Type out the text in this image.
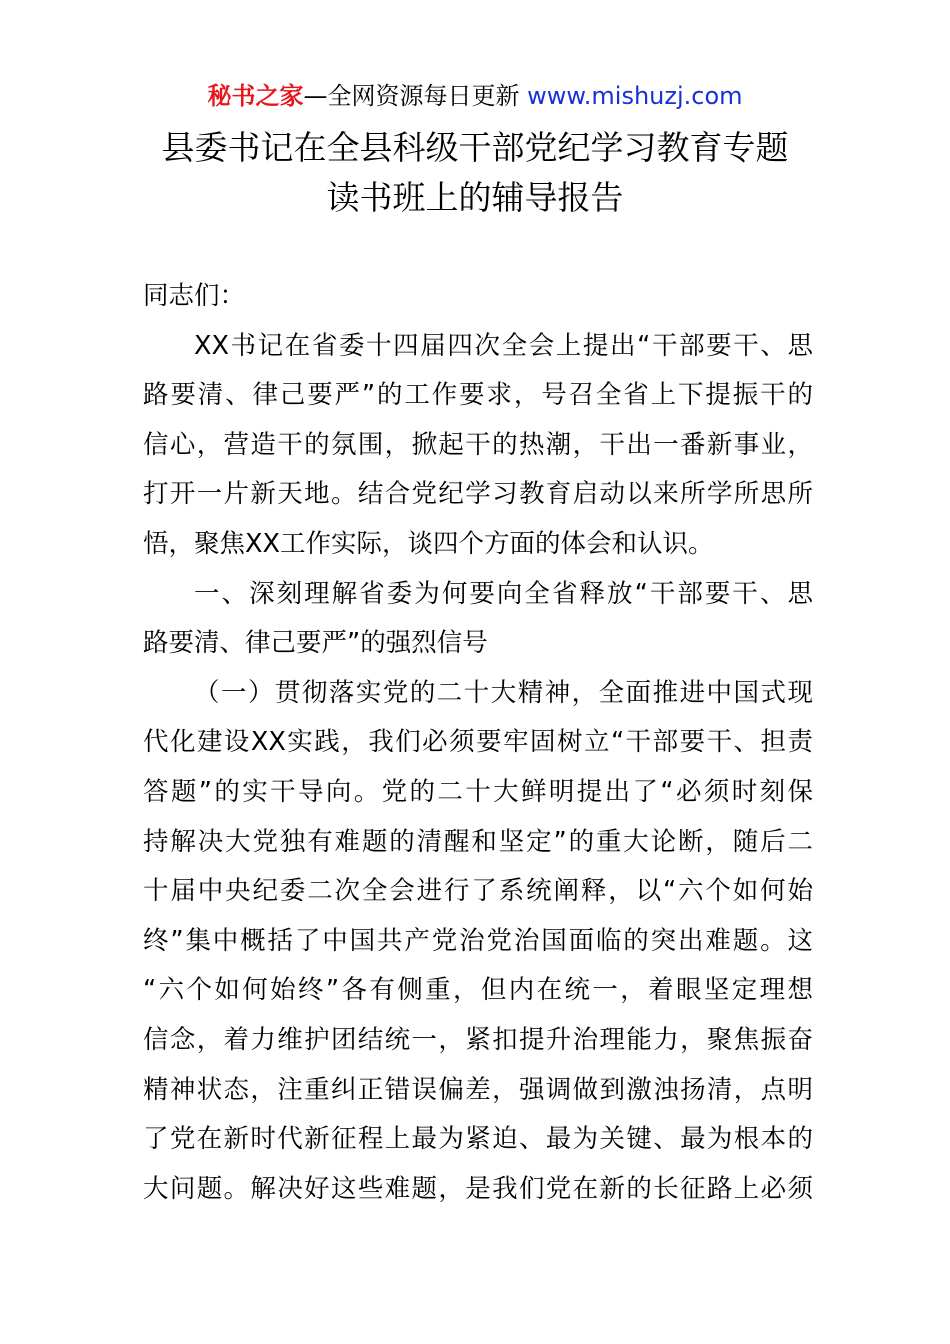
秘书之家—全网资源每日更新 www.mishuzj.com
县委书记在全县科级干部党纪学习教育专题
读书班上的辅导报告
同志们：
XX书记在省委十四届四次全会上提出“干部要干、思
路要清、律己要严”的工作要求，号召全省上下提振干的
信心，营造干的氛围，掀起干的热潮，干出一番新事业，
打开一片新天地。结合党纪学习教育启动以来所学所思所
悟，聚焦XX工作实际，谈四个方面的体会和认识。
一、深刻理解省委为何要向全省释放“干部要干、思
路要清、律己要严”的强烈信号
（一）贯彻落实党的二十大精神，全面推进中国式现
代化建设XX实践，我们必须要牢固树立“干部要干、担责
答题”的实干导向。党的二十大鲜明提出了“必须时刻保
持解决大党独有难题的清醒和坚定”的重大论断，随后二
十届中央纪委二次全会进行了系统阐释，以“六个如何始
终”集中概括了中国共产党治党治国面临的突出难题。这
“六个如何始终”各有侧重，但内在统一，着眼坚定理想
信念，着力维护团结统一，紧扣提升治理能力，聚焦振奋
精神状态，注重纠正错误偏差，强调做到激浊扬清，点明
了党在新时代新征程上最为紧迫、最为关键、最为根本的
大问题。解决好这些难题，是我们党在新的长征路上必须
